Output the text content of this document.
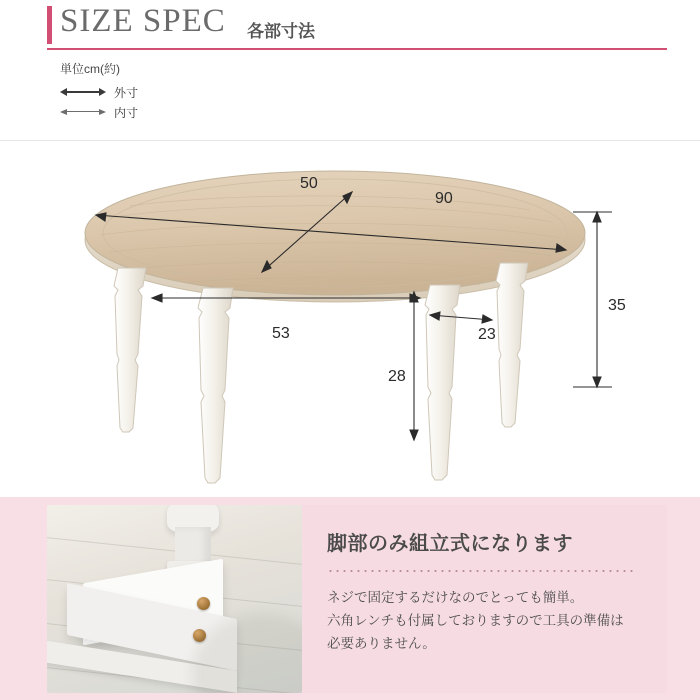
SIZE SPEC 各部寸法
単位cm(約)
外寸
内寸
50
90
53	23
28
35
脚部のみ組立式になります
ネジで固定するだけなのでとっても簡単。
六角レンチも付属しておりますので工具の準備は
必要ありません。
